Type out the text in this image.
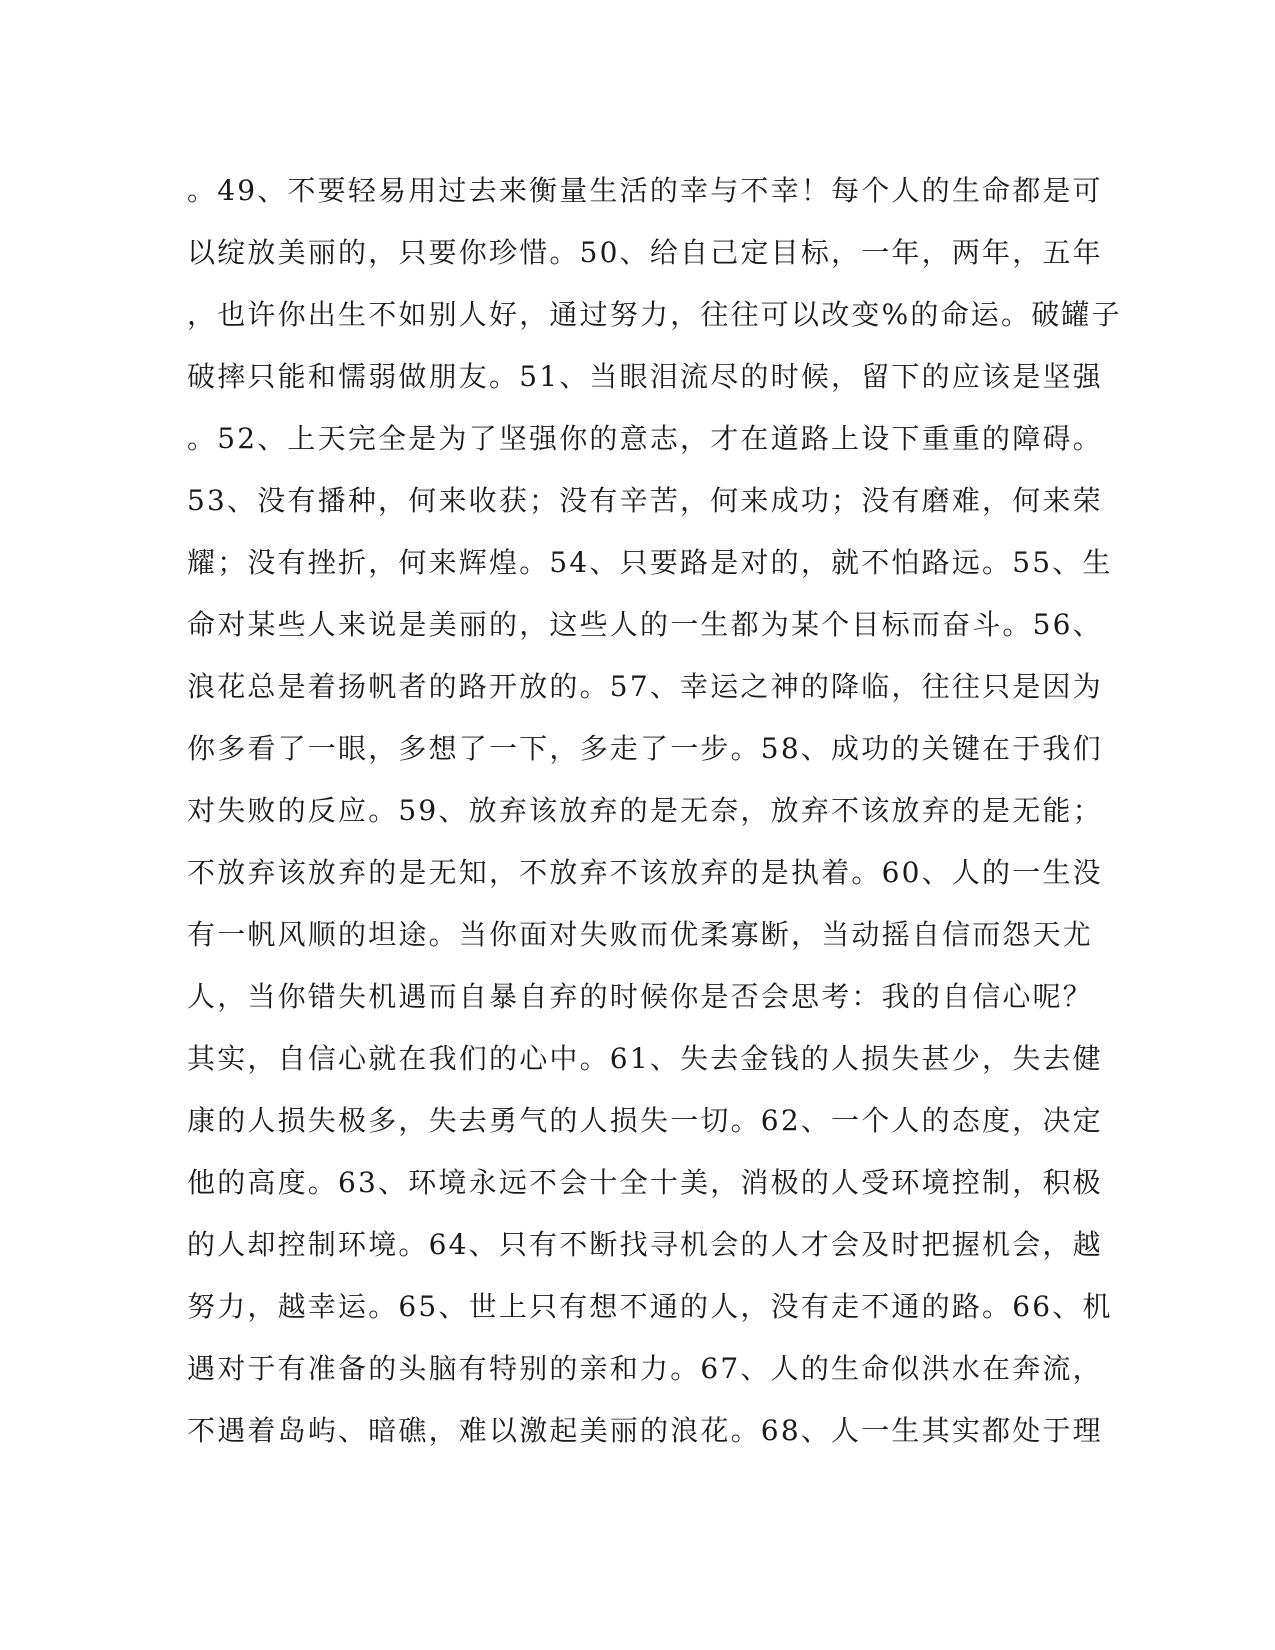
。49、不要轻易用过去来衡量生活的幸与不幸！每个人的生命都是可
以绽放美丽的，只要你珍惜。50、给自己定目标，一年，两年，五年
，也许你出生不如别人好，通过努力，往往可以改变%的命运。破罐子
破摔只能和懦弱做朋友。51、当眼泪流尽的时候，留下的应该是坚强
。52、上天完全是为了坚强你的意志，才在道路上设下重重的障碍。
53、没有播种，何来收获；没有辛苦，何来成功；没有磨难，何来荣
耀；没有挫折，何来辉煌。54、只要路是对的，就不怕路远。55、生
命对某些人来说是美丽的，这些人的一生都为某个目标而奋斗。56、
浪花总是着扬帆者的路开放的。57、幸运之神的降临，往往只是因为
你多看了一眼，多想了一下，多走了一步。58、成功的关键在于我们
对失败的反应。59、放弃该放弃的是无奈，放弃不该放弃的是无能；
不放弃该放弃的是无知，不放弃不该放弃的是执着。60、人的一生没
有一帆风顺的坦途。当你面对失败而优柔寡断，当动摇自信而怨天尤
人，当你错失机遇而自暴自弃的时候你是否会思考：我的自信心呢？
其实，自信心就在我们的心中。61、失去金钱的人损失甚少，失去健
康的人损失极多，失去勇气的人损失一切。62、一个人的态度，决定
他的高度。63、环境永远不会十全十美，消极的人受环境控制，积极
的人却控制环境。64、只有不断找寻机会的人才会及时把握机会，越
努力，越幸运。65、世上只有想不通的人，没有走不通的路。66、机
遇对于有准备的头脑有特别的亲和力。67、人的生命似洪水在奔流，
不遇着岛屿、暗礁，难以激起美丽的浪花。68、人一生其实都处于理
